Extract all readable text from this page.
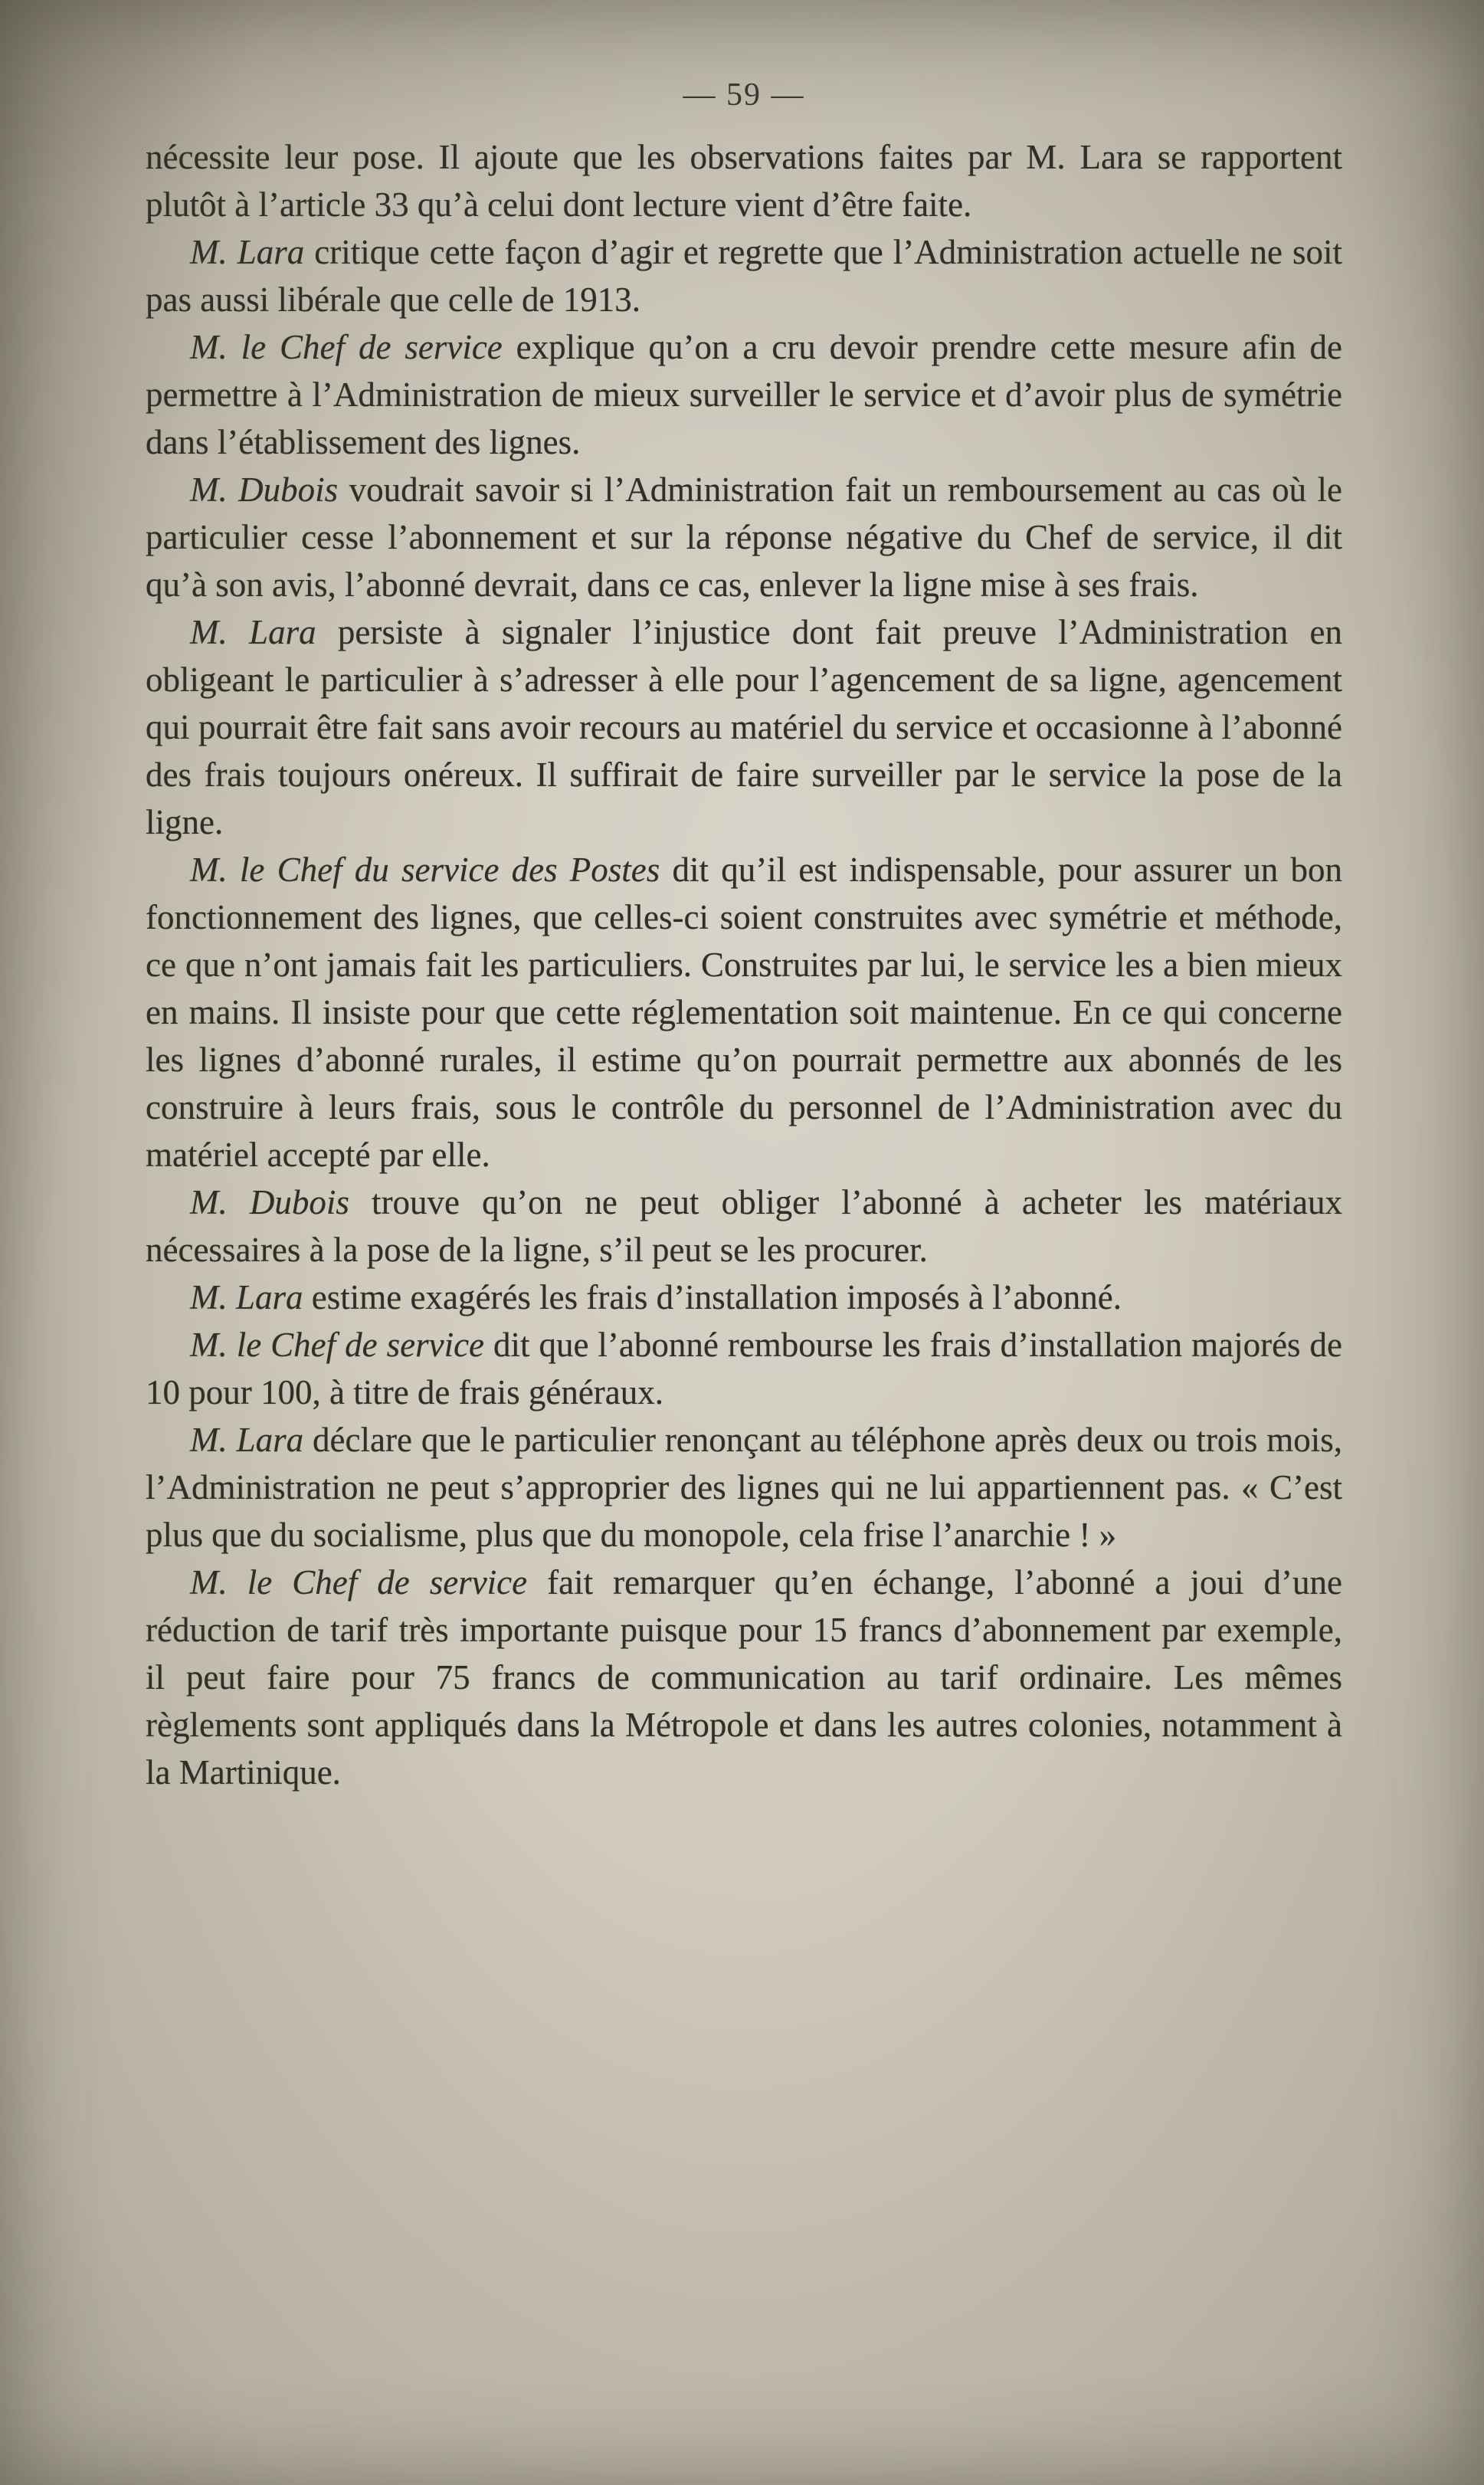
— 59 —

nécessite leur pose. Il ajoute que les observations faites par M. Lara se rapportent plutôt à l’article 33 qu’à celui dont lecture vient d’être faite.

M. Lara critique cette façon d’agir et regrette que l’Administration actuelle ne soit pas aussi libérale que celle de 1913.

M. le Chef de service explique qu’on a cru devoir prendre cette mesure afin de permettre à l’Administration de mieux surveiller le service et d’avoir plus de symétrie dans l’établissement des lignes.

M. Dubois voudrait savoir si l’Administration fait un remboursement au cas où le particulier cesse l’abonnement et sur la réponse négative du Chef de service, il dit qu’à son avis, l’abonné devrait, dans ce cas, enlever la ligne mise à ses frais.

M. Lara persiste à signaler l’injustice dont fait preuve l’Administration en obligeant le particulier à s’adresser à elle pour l’agencement de sa ligne, agencement qui pourrait être fait sans avoir recours au matériel du service et occasionne à l’abonné des frais toujours onéreux. Il suffirait de faire surveiller par le service la pose de la ligne.

M. le Chef du service des Postes dit qu’il est indispensable, pour assurer un bon fonctionnement des lignes, que celles-ci soient construites avec symétrie et méthode, ce que n’ont jamais fait les particuliers. Construites par lui, le service les a bien mieux en mains. Il insiste pour que cette réglementation soit maintenue. En ce qui concerne les lignes d’abonné rurales, il estime qu’on pourrait permettre aux abonnés de les construire à leurs frais, sous le contrôle du personnel de l’Administration avec du matériel accepté par elle.

M. Dubois trouve qu’on ne peut obliger l’abonné à acheter les matériaux nécessaires à la pose de la ligne, s’il peut se les procurer.

M. Lara estime exagérés les frais d’installation imposés à l’abonné.

M. le Chef de service dit que l’abonné rembourse les frais d’installation majorés de 10 pour 100, à titre de frais généraux.

M. Lara déclare que le particulier renonçant au téléphone après deux ou trois mois, l’Administration ne peut s’approprier des lignes qui ne lui appartiennent pas. « C’est plus que du socialisme, plus que du monopole, cela frise l’anarchie ! »

M. le Chef de service fait remarquer qu’en échange, l’abonné a joui d’une réduction de tarif très importante puisque pour 15 francs d’abonnement par exemple, il peut faire pour 75 francs de communication au tarif ordinaire. Les mêmes règlements sont appliqués dans la Métropole et dans les autres colonies, notamment à la Martinique.
